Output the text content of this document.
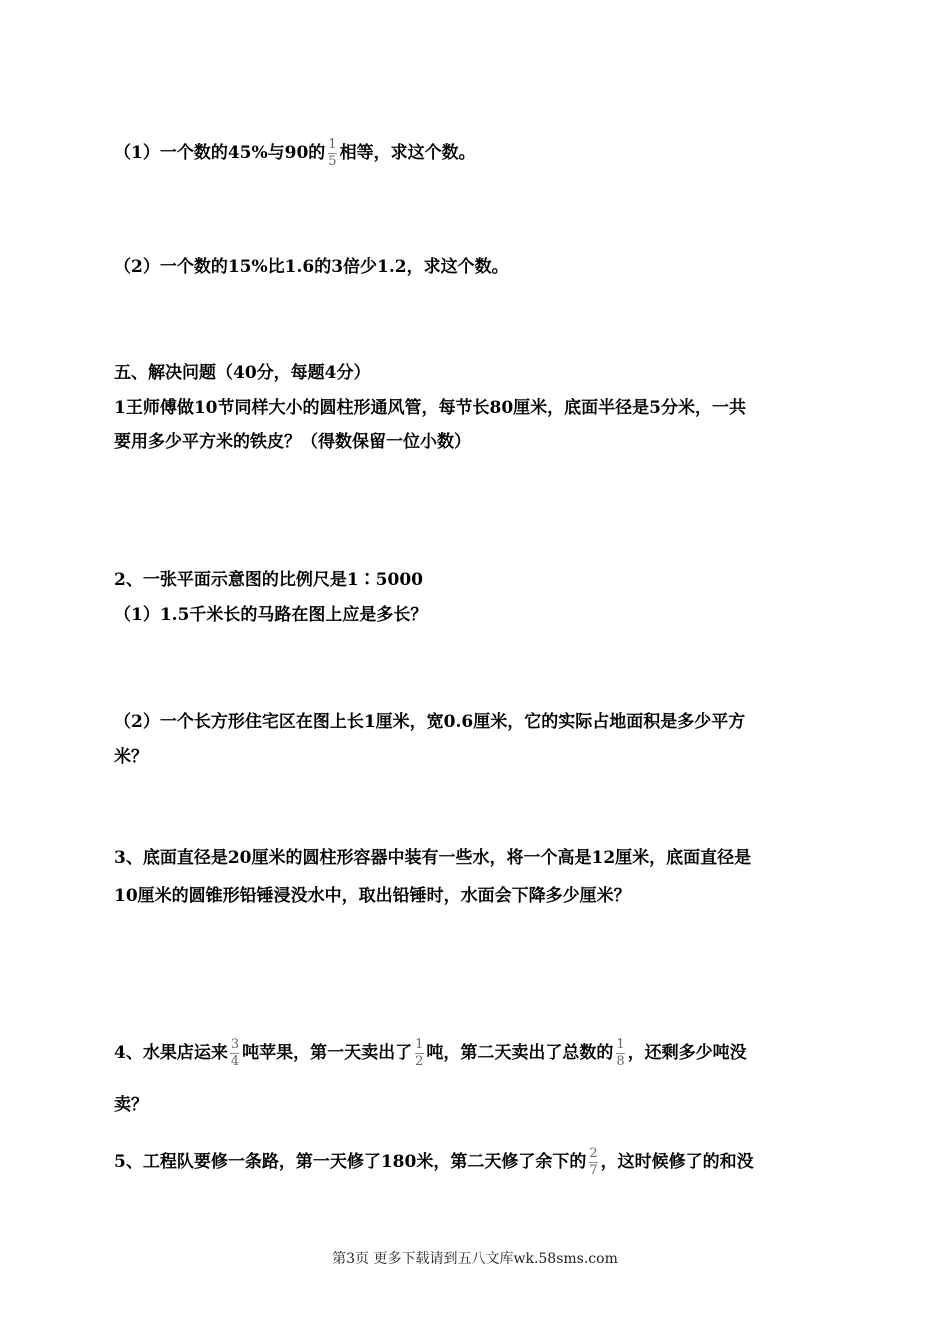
（1）一个数的45%与90的 $\frac{1}{5}$ 相等，求这个数。
（2）一个数的15%比1.6的3倍少1.2，求这个数。
五、解决问题（40分，每题4分）
1王师傅做10节同样大小的圆柱形通风管，每节长80厘米，底面半径是5分米，一共
要用多少平方米的铁皮？（得数保留一位小数）
2、一张平面示意图的比例尺是1∶5000
（1）1.5千米长的马路在图上应是多长？
（2）一个长方形住宅区在图上长1厘米，宽0.6厘米，它的实际占地面积是多少平方
米？
3、底面直径是20厘米的圆柱形容器中装有一些水，将一个高是12厘米，底面直径是
10厘米的圆锥形铅锤浸没水中，取出铅锤时，水面会下降多少厘米？
4、水果店运来 $\frac{3}{4}$ 吨苹果，第一天卖出了 $\frac{1}{2}$ 吨，第二天卖出了总数的 $\frac{1}{8}$ ，还剩多少吨没
卖？
5、工程队要修一条路，第一天修了180米，第二天修了余下的 $\frac{2}{7}$ ，这时候修了的和没
第3页 更多下载请到五八文库wk.58sms.com
